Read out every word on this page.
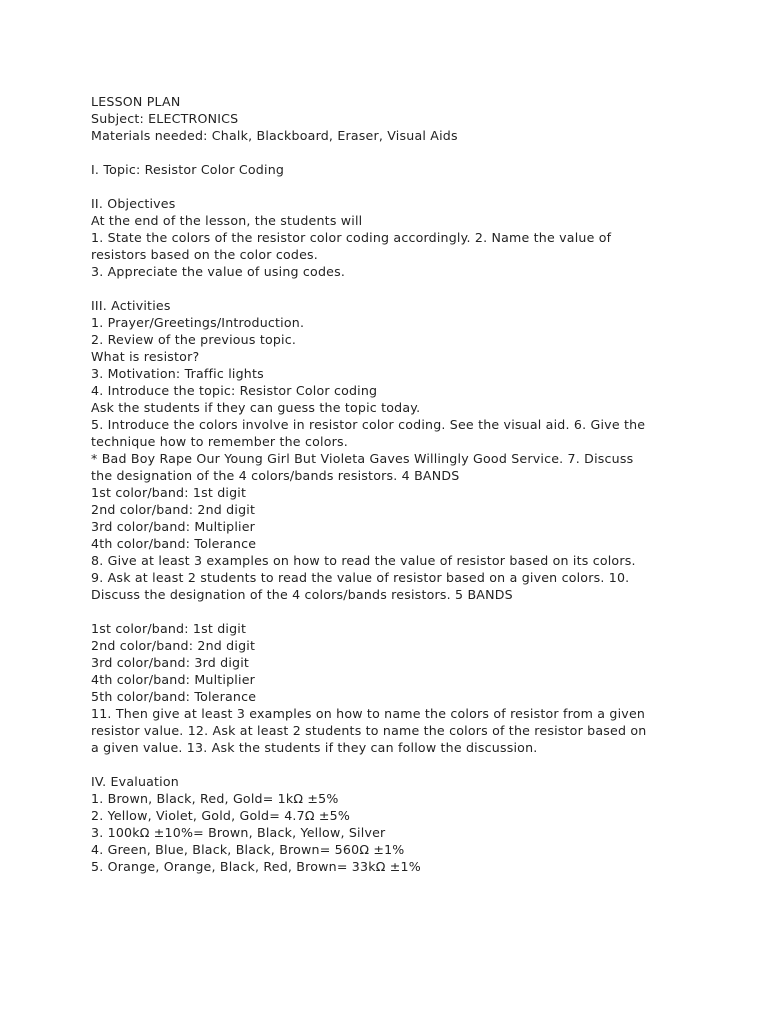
LESSON PLAN
Subject: ELECTRONICS
Materials needed: Chalk, Blackboard, Eraser, Visual Aids
I. Topic: Resistor Color Coding
II. Objectives
At the end of the lesson, the students will
1. State the colors of the resistor color coding accordingly. 2. Name the value of
resistors based on the color codes.
3. Appreciate the value of using codes.
III. Activities
1. Prayer/Greetings/Introduction.
2. Review of the previous topic.
What is resistor?
3. Motivation: Traffic lights
4. Introduce the topic: Resistor Color coding
Ask the students if they can guess the topic today.
5. Introduce the colors involve in resistor color coding. See the visual aid. 6. Give the
technique how to remember the colors.
* Bad Boy Rape Our Young Girl But Violeta Gaves Willingly Good Service. 7. Discuss
the designation of the 4 colors/bands resistors. 4 BANDS
1st color/band: 1st digit
2nd color/band: 2nd digit
3rd color/band: Multiplier
4th color/band: Tolerance
8. Give at least 3 examples on how to read the value of resistor based on its colors.
9. Ask at least 2 students to read the value of resistor based on a given colors. 10.
Discuss the designation of the 4 colors/bands resistors. 5 BANDS
1st color/band: 1st digit
2nd color/band: 2nd digit
3rd color/band: 3rd digit
4th color/band: Multiplier
5th color/band: Tolerance
11. Then give at least 3 examples on how to name the colors of resistor from a given
resistor value. 12. Ask at least 2 students to name the colors of the resistor based on
a given value. 13. Ask the students if they can follow the discussion.
IV. Evaluation
1. Brown, Black, Red, Gold= 1kΩ ±5%
2. Yellow, Violet, Gold, Gold= 4.7Ω ±5%
3. 100kΩ ±10%= Brown, Black, Yellow, Silver
4. Green, Blue, Black, Black, Brown= 560Ω ±1%
5. Orange, Orange, Black, Red, Brown= 33kΩ ±1%
